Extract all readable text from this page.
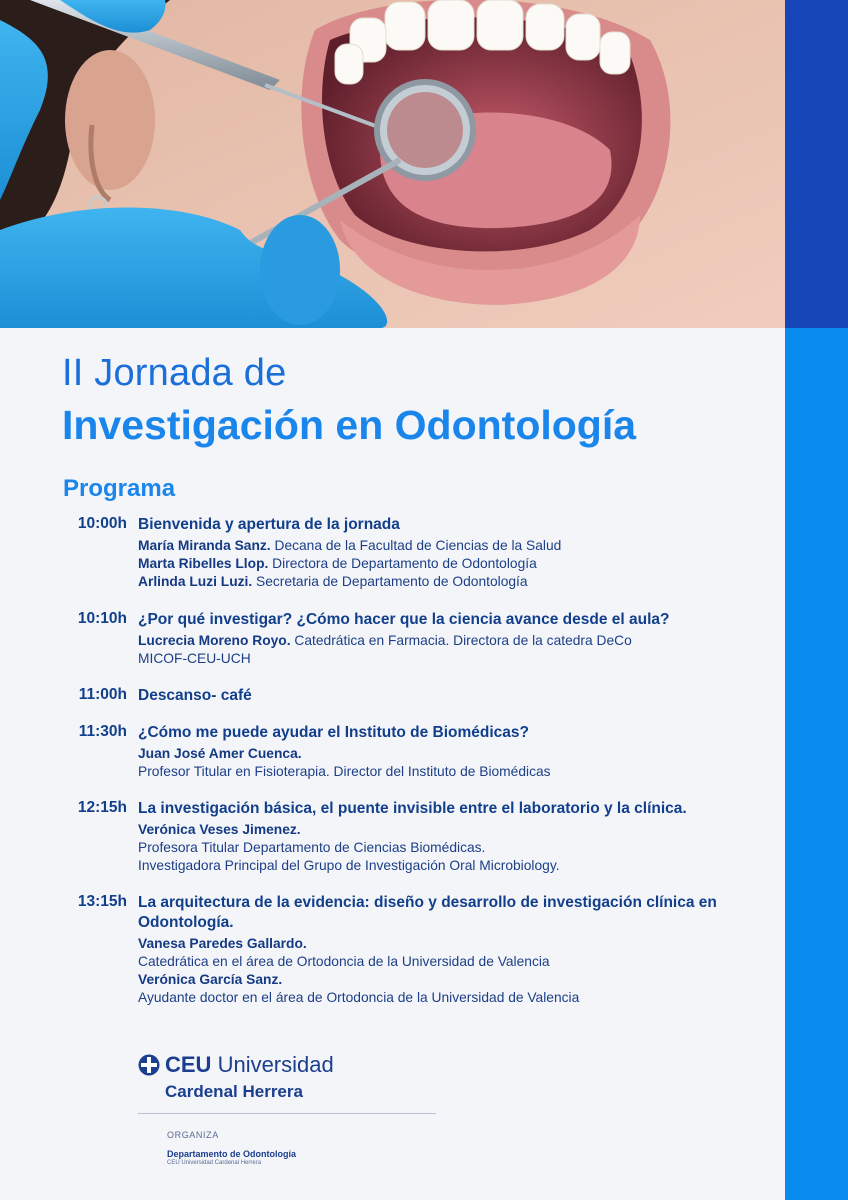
II Jornada de
Investigación en Odontología
Programa
10:00h Bienvenida y apertura de la jornada

María Miranda Sanz. Decana de la Facultad de Ciencias de la Salud

Marta Ribelles Llop. Directora de Departamento de Odontología

Arlinda Luzi Luzi. Secretaria de Departamento de Odontología

10:10h ¿Por qué investigar? ¿Cómo hacer que la ciencia avance desde el aula?

Lucrecia Moreno Royo. Catedrática en Farmacia. Directora de la catedra DeCo

MICOF-CEU-UCH

11:00h Descanso- café

11:30h ¿Cómo me puede ayudar el Instituto de Biomédicas?

Juan José Amer Cuenca.

Profesor Titular en Fisioterapia. Director del Instituto de Biomédicas

12:15h La investigación básica, el puente invisible entre el laboratorio y la clínica.

Verónica Veses Jimenez.

Profesora Titular Departamento de Ciencias Biomédicas.

Investigadora Principal del Grupo de Investigación Oral Microbiology.

13:15h La arquitectura de la evidencia: diseño y desarrollo de investigación clínica en Odontología.

Vanesa Paredes Gallardo.

Catedrática en el área de Ortodoncia de la Universidad de Valencia

Verónica García Sanz.

Ayudante doctor en el área de Ortodoncia de la Universidad de Valencia

CEU Universidad
Cardenal Herrera
ORGANIZA
Departamento de Odontología
CEU Universidad Cardenal Herrera
